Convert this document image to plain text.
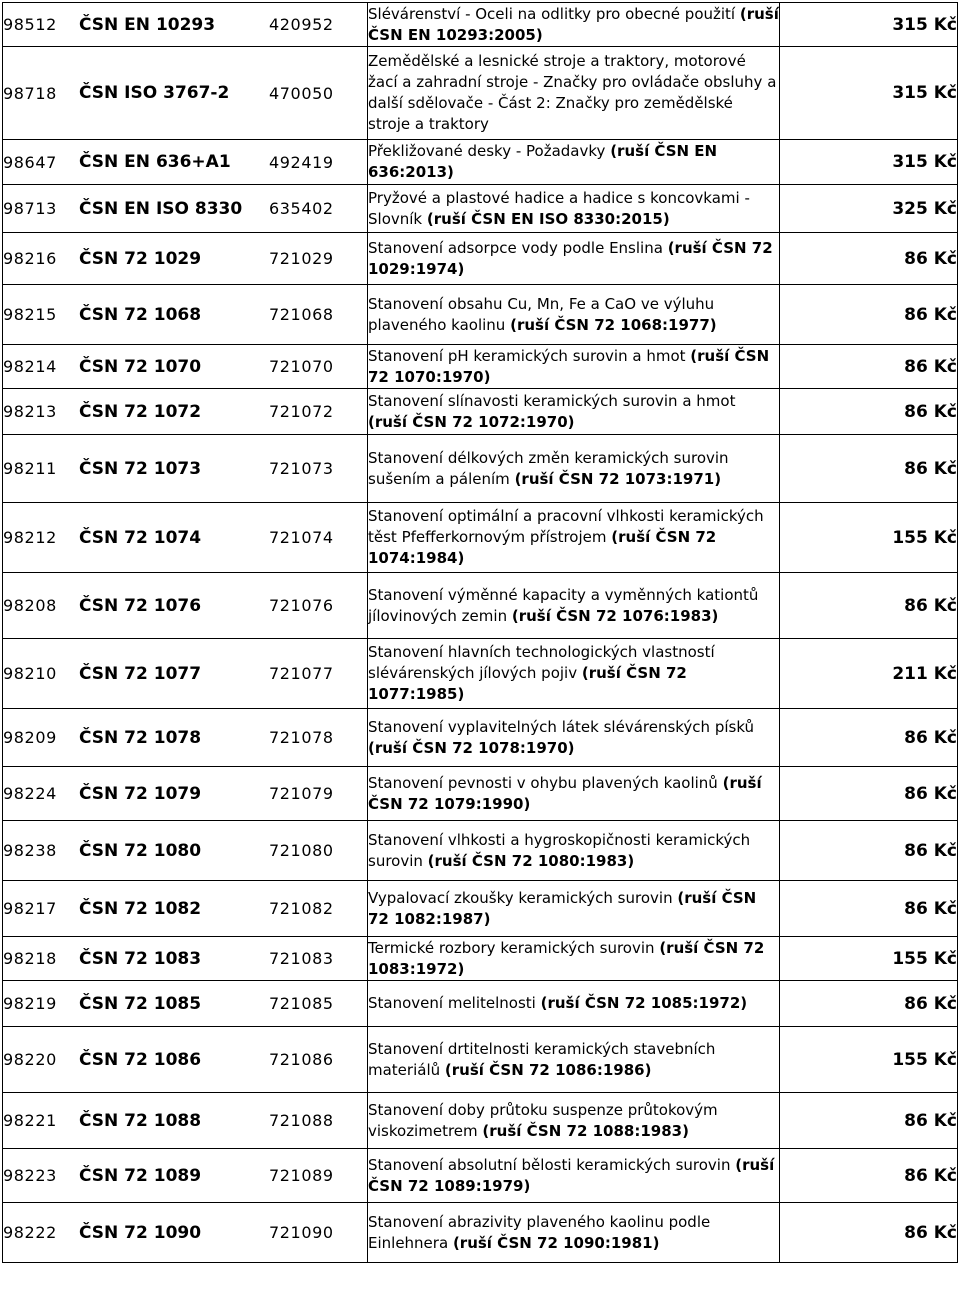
98512 ČSN EN 10293 420952	Slévárenství - Oceli na odlitky pro obecné použití (ruší ČSN EN 10293:2005)	315 Kč

98718 ČSN ISO 3767-2 470050	Zemědělské a lesnické stroje a traktory, motorové žací a zahradní stroje - Značky pro ovládače obsluhy a další sdělovače - Část 2: Značky pro zemědělské stroje a traktory	315 Kč

98647 ČSN EN 636+A1 492419	Překližované desky - Požadavky (ruší ČSN EN 636:2013)	315 Kč

98713 ČSN EN ISO 8330 635402	Pryžové a plastové hadice a hadice s koncovkami - Slovník (ruší ČSN EN ISO 8330:2015)	325 Kč

98216 ČSN 72 1029 721029	Stanovení adsorpce vody podle Enslina (ruší ČSN 72 1029:1974)	86 Kč

98215 ČSN 72 1068 721068	Stanovení obsahu Cu, Mn, Fe a CaO ve výluhu plaveného kaolinu (ruší ČSN 72 1068:1977)	86 Kč

98214 ČSN 72 1070 721070	Stanovení pH keramických surovin a hmot (ruší ČSN 72 1070:1970)	86 Kč

98213 ČSN 72 1072 721072	Stanovení slínavosti keramických surovin a hmot (ruší ČSN 72 1072:1970)	86 Kč

98211 ČSN 72 1073 721073	Stanovení délkových změn keramických surovin sušením a pálením (ruší ČSN 72 1073:1971)	86 Kč

98212 ČSN 72 1074 721074	Stanovení optimální a pracovní vlhkosti keramických těst Pfefferkornovým přístrojem (ruší ČSN 72 1074:1984)	155 Kč

98208 ČSN 72 1076 721076	Stanovení výměnné kapacity a vyměnných kationtů jílovinových zemin (ruší ČSN 72 1076:1983)	86 Kč

98210 ČSN 72 1077 721077	Stanovení hlavních technologických vlastností slévárenských jílových pojiv (ruší ČSN 72 1077:1985)	211 Kč

98209 ČSN 72 1078 721078	Stanovení vyplavitelných látek slévárenských písků (ruší ČSN 72 1078:1970)	86 Kč

98224 ČSN 72 1079 721079	Stanovení pevnosti v ohybu plavených kaolinů (ruší ČSN 72 1079:1990)	86 Kč

98238 ČSN 72 1080 721080	Stanovení vlhkosti a hygroskopičnosti keramických surovin (ruší ČSN 72 1080:1983)	86 Kč

98217 ČSN 72 1082 721082	Vypalovací zkoušky keramických surovin (ruší ČSN 72 1082:1987)	86 Kč

98218 ČSN 72 1083 721083	Termické rozbory keramických surovin (ruší ČSN 72 1083:1972)	155 Kč

98219 ČSN 72 1085 721085	Stanovení melitelnosti (ruší ČSN 72 1085:1972)	86 Kč

98220 ČSN 72 1086 721086	Stanovení drtitelnosti keramických stavebních materiálů (ruší ČSN 72 1086:1986)	155 Kč

98221 ČSN 72 1088 721088	Stanovení doby průtoku suspenze průtokovým viskozimetrem (ruší ČSN 72 1088:1983)	86 Kč

98223 ČSN 72 1089 721089	Stanovení absolutní bělosti keramických surovin (ruší ČSN 72 1089:1979)	86 Kč

98222 ČSN 72 1090 721090	Stanovení abrazivity plaveného kaolinu podle Einlehnera (ruší ČSN 72 1090:1981)	86 Kč
